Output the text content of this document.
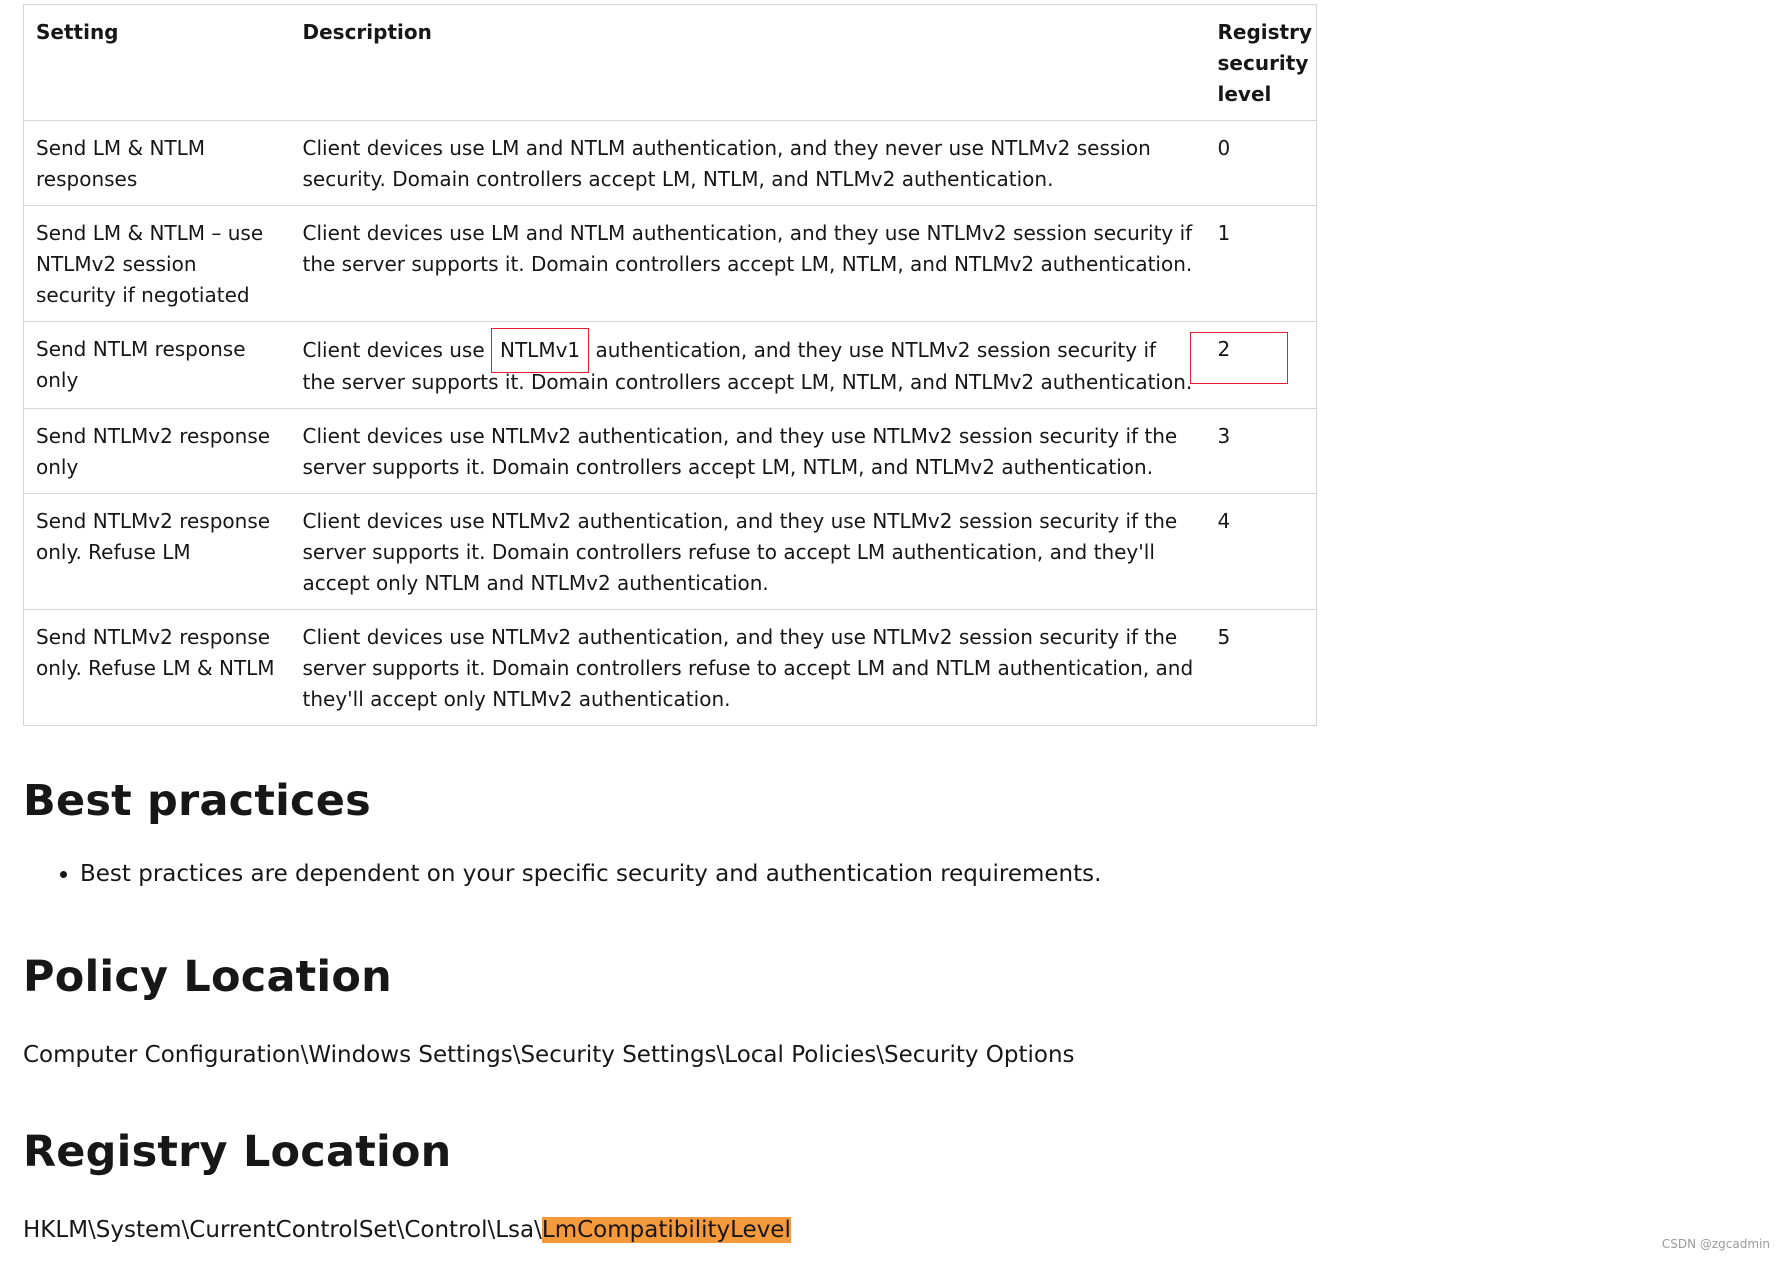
Setting	Description	Registry security level
Send LM & NTLM responses	Client devices use LM and NTLM authentication, and they never use NTLMv2 session security. Domain controllers accept LM, NTLM, and NTLMv2 authentication.	0
Send LM & NTLM – use NTLMv2 session security if negotiated	Client devices use LM and NTLM authentication, and they use NTLMv2 session security if the server supports it. Domain controllers accept LM, NTLM, and NTLMv2 authentication.	1
Send NTLM response only	Client devices use NTLMv1 authentication, and they use NTLMv2 session security if the server supports it. Domain controllers accept LM, NTLM, and NTLMv2 authentication.	2

Send NTLMv2 response only	Client devices use NTLMv2 authentication, and they use NTLMv2 session security if the server supports it. Domain controllers accept LM, NTLM, and NTLMv2 authentication.	3
Send NTLMv2 response only. Refuse LM	Client devices use NTLMv2 authentication, and they use NTLMv2 session security if the server supports it. Domain controllers refuse to accept LM authentication, and they'll accept only NTLM and NTLMv2 authentication.	4
Send NTLMv2 response only. Refuse LM & NTLM	Client devices use NTLMv2 authentication, and they use NTLMv2 session security if the server supports it. Domain controllers refuse to accept LM and NTLM authentication, and they'll accept only NTLMv2 authentication.	5
Best practices
• Best practices are dependent on your specific security and authentication requirements.
Policy Location

Computer Configuration\Windows Settings\Security Settings\Local Policies\Security Options

Registry Location

HKLM\System\CurrentControlSet\Control\Lsa\LmCompatibilityLevel

CSDN @zgcadmin
